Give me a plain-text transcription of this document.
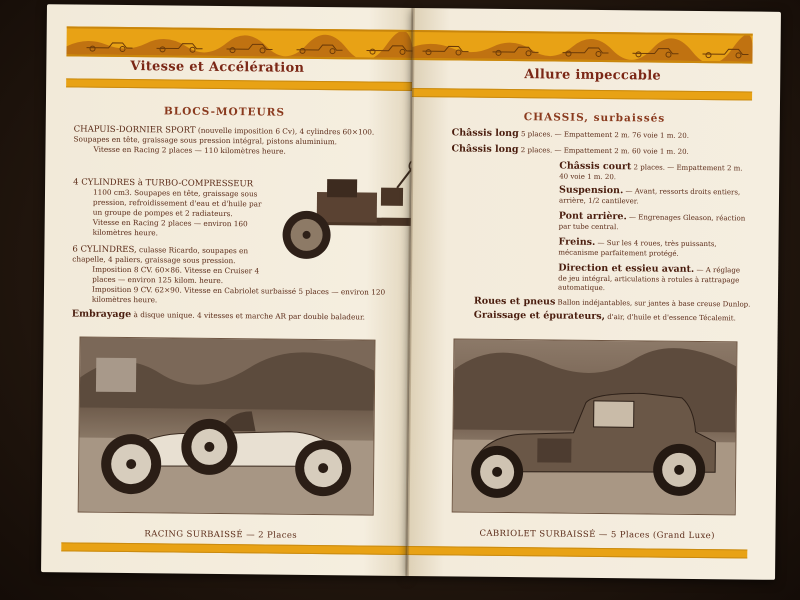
Vitesse et Accélération
BLOCS-MOTEURS
CHAPUIS-DORNIER SPORT (nouvelle imposition 6 Cv), 4 cylindres 60×100. Soupapes en tête, graissage sous pression intégral, pistons aluminium.
Vitesse en Racing 2 places — 110 kilomètres heure.
4 CYLINDRES à TURBO-COMPRESSEUR
1100 cm3. Soupapes en tête, graissage sous pression, refroidissement d'eau et d'huile par un groupe de pompes et 2 radiateurs.
Vitesse en Racing 2 places — environ 160 kilomètres heure.
6 CYLINDRES, culasse Ricardo, soupapes en chapelle, 4 paliers, graissage sous pression.
Imposition 8 CV. 60×86. Vitesse en Cruiser 4 places — environ 125 kilom. heure.
Imposition 9 CV. 62×90. Vitesse en Cabriolet surbaissé 5 places — environ 120 kilomètres heure.
Embrayage à disque unique. 4 vitesses et marche AR par double baladeur.
RACING SURBAISSÉ — 2 Places
Allure impeccable
CHASSIS, surbaissés
Châssis long 5 places. — Empattement 2 m. 76 voie 1 m. 20.
Châssis long 2 places. — Empattement 2 m. 60 voie 1 m. 20.
Châssis court 2 places. — Empattement 2 m. 40 voie 1 m. 20.
Suspension. — Avant, ressorts droits entiers, arrière, 1/2 cantilever.
Pont arrière. — Engrenages Gleason, réaction par tube central.
Freins. — Sur les 4 roues, très puissants, mécanisme parfaitement protégé.
Direction et essieu avant. — A réglage de jeu intégral, articulations à rotules à rattrapage automatique.
Roues et pneus Ballon indéjantables, sur jantes à base creuse Dunlop.
Graissage et épurateurs, d'air, d'huile et d'essence Técalemit.
CABRIOLET SURBAISSÉ — 5 Places (Grand Luxe)
